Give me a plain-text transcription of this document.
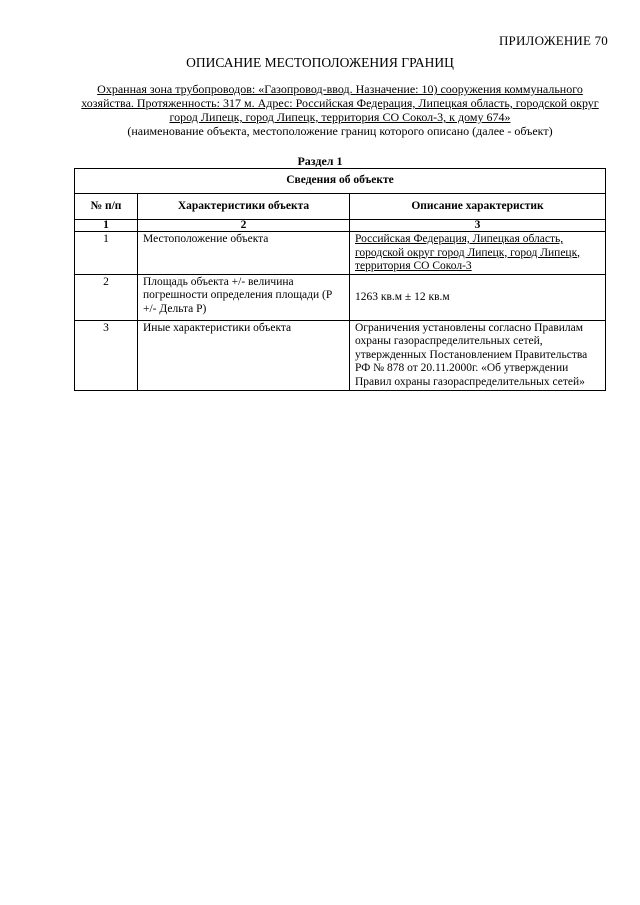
ПРИЛОЖЕНИЕ 70
ОПИСАНИЕ МЕСТОПОЛОЖЕНИЯ ГРАНИЦ
Охранная зона трубопроводов: «Газопровод-ввод. Назначение: 10) сооружения коммунального
хозяйства. Протяженность: 317 м. Адрес: Российская Федерация, Липецкая область, городской округ
город Липецк, город Липецк, территория СО Сокол-3, к дому 674»
(наименование объекта, местоположение границ которого описано (далее - объект)
Раздел 1
Сведения об объекте		
№ п/п	Характеристики объекта	Описание характеристик
1	2	3
1	Местоположение объекта	Российская Федерация, Липецкая область, городской округ город Липецк, город Липецк, территория СО Сокол-3
2	Площадь объекта +/- величина погрешности определения площади (Р +/- Дельта Р)	1263 кв.м ± 12 кв.м
3	Иные характеристики объекта	Ограничения установлены согласно Правилам охраны газораспределительных сетей, утвержденных Постановлением Правительства РФ № 878 от 20.11.2000г. «Об утверждении Правил охраны газораспределительных сетей»
